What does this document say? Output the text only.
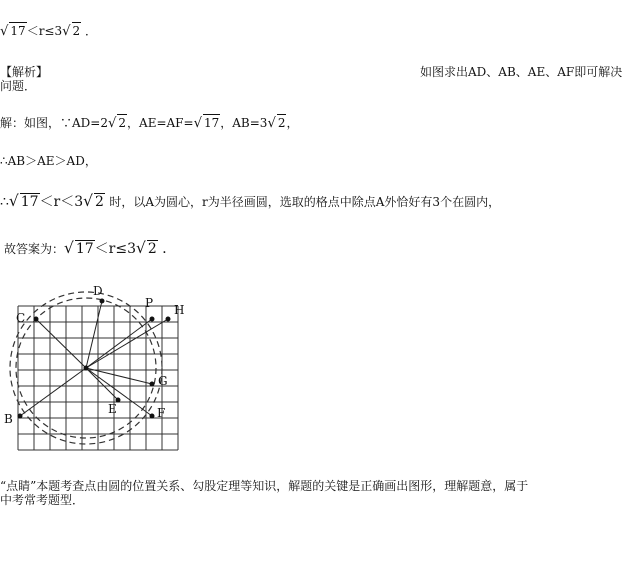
√ 17＜r≤3√ 2 ．
【解析】	如图求出AD、AB、AE、AF即可解决
问题．
解：如图，∵AD=2√ 2，AE=AF=√ 17，AB=3√ 2，
∴AB＞AE＞AD，
∴√ 17＜r＜3√ 2 时，以A为圆心，r为半径画圆，选取的格点中除点A外恰好有3个在圆内，
故答案为：√ 17＜r≤3√ 2 ．
D
P H
C
G
E	F
B
“点睛”本题考查点由圆的位置关系、勾股定理等知识，解题的关键是正确画出图形，理解题意，属于
中考常考题型．
